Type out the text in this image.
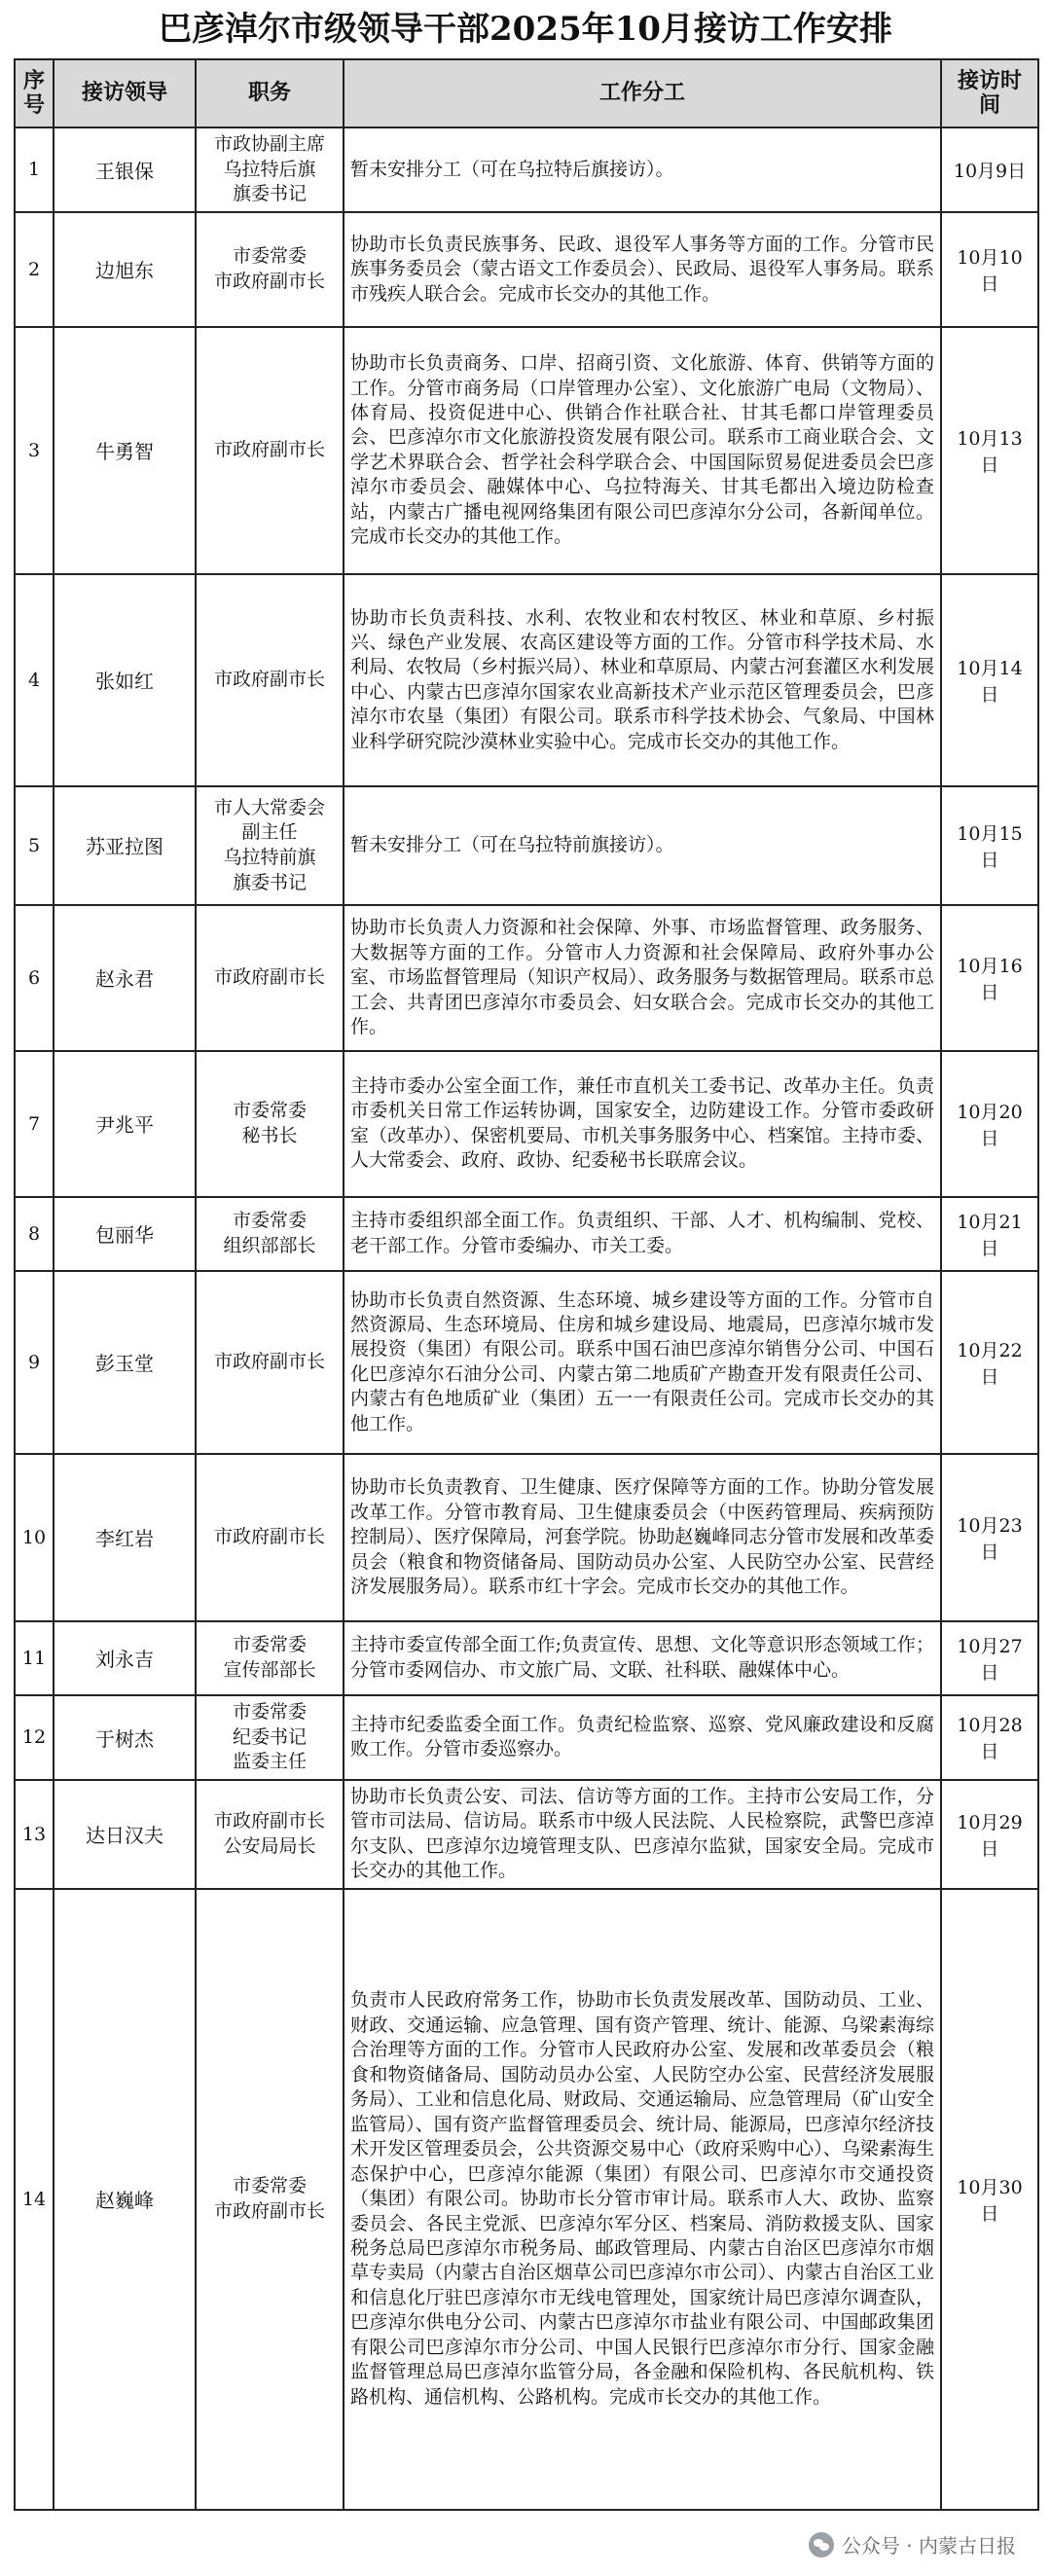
巴彦淖尔市级领导干部2025年10月接访工作安排
序号	接访领导	职务	工作分工	接访时间
1	王银保	市政协副主席
乌拉特后旗
旗委书记	暂未安排分工（可在乌拉特后旗接访）。	10月9日
2	边旭东	市委常委
市政府副市长	协助市长负责民族事务、民政、退役军人事务等方面的工作。分管市民族事务委员会（蒙古语文工作委员会）、民政局、退役军人事务局。联系市残疾人联合会。完成市长交办的其他工作。	10月10日
3	牛勇智	市政府副市长	协助市长负责商务、口岸、招商引资、文化旅游、体育、供销等方面的工作。分管市商务局（口岸管理办公室）、文化旅游广电局（文物局）、体育局、投资促进中心、供销合作社联合社、甘其毛都口岸管理委员会、巴彦淖尔市文化旅游投资发展有限公司。联系市工商业联合会、文学艺术界联合会、哲学社会科学联合会、中国国际贸易促进委员会巴彦淖尔市委员会、融媒体中心、乌拉特海关、甘其毛都出入境边防检查站，内蒙古广播电视网络集团有限公司巴彦淖尔分公司，各新闻单位。完成市长交办的其他工作。	10月13日
4	张如红	市政府副市长	协助市长负责科技、水利、农牧业和农村牧区、林业和草原、乡村振兴、绿色产业发展、农高区建设等方面的工作。分管市科学技术局、水利局、农牧局（乡村振兴局）、林业和草原局、内蒙古河套灌区水利发展中心、内蒙古巴彦淖尔国家农业高新技术产业示范区管理委员会，巴彦淖尔市农垦（集团）有限公司。联系市科学技术协会、气象局、中国林业科学研究院沙漠林业实验中心。完成市长交办的其他工作。	10月14日
5	苏亚拉图	市人大常委会
副主任
乌拉特前旗
旗委书记	暂未安排分工（可在乌拉特前旗接访）。	10月15日
6	赵永君	市政府副市长	协助市长负责人力资源和社会保障、外事、市场监督管理、政务服务、大数据等方面的工作。分管市人力资源和社会保障局、政府外事办公室、市场监督管理局（知识产权局）、政务服务与数据管理局。联系市总工会、共青团巴彦淖尔市委员会、妇女联合会。完成市长交办的其他工作。	10月16日
7	尹兆平	市委常委
秘书长	主持市委办公室全面工作，兼任市直机关工委书记、改革办主任。负责市委机关日常工作运转协调，国家安全，边防建设工作。分管市委政研室（改革办）、保密机要局、市机关事务服务中心、档案馆。主持市委、人大常委会、政府、政协、纪委秘书长联席会议。	10月20日
8	包丽华	市委常委
组织部部长	主持市委组织部全面工作。负责组织、干部、人才、机构编制、党校、老干部工作。分管市委编办、市关工委。	10月21日
9	彭玉堂	市政府副市长	协助市长负责自然资源、生态环境、城乡建设等方面的工作。分管市自然资源局、生态环境局、住房和城乡建设局、地震局，巴彦淖尔城市发展投资（集团）有限公司。联系中国石油巴彦淖尔销售分公司、中国石化巴彦淖尔石油分公司、内蒙古第二地质矿产勘查开发有限责任公司、内蒙古有色地质矿业（集团）五一一有限责任公司。完成市长交办的其他工作。	10月22日
10	李红岩	市政府副市长	协助市长负责教育、卫生健康、医疗保障等方面的工作。协助分管发展改革工作。分管市教育局、卫生健康委员会（中医药管理局、疾病预防控制局）、医疗保障局，河套学院。协助赵巍峰同志分管市发展和改革委员会（粮食和物资储备局、国防动员办公室、人民防空办公室、民营经济发展服务局）。联系市红十字会。完成市长交办的其他工作。	10月23日
11	刘永吉	市委常委
宣传部部长	主持市委宣传部全面工作;负责宣传、思想、文化等意识形态领域工作；分管市委网信办、市文旅广局、文联、社科联、融媒体中心。	10月27日
12	于树杰	市委常委
纪委书记
监委主任	主持市纪委监委全面工作。负责纪检监察、巡察、党风廉政建设和反腐败工作。分管市委巡察办。	10月28日
13	达日汉夫	市政府副市长
公安局局长	协助市长负责公安、司法、信访等方面的工作。主持市公安局工作，分管市司法局、信访局。联系市中级人民法院、人民检察院，武警巴彦淖尔支队、巴彦淖尔边境管理支队、巴彦淖尔监狱，国家安全局。完成市长交办的其他工作。	10月29日
14	赵巍峰	市委常委
市政府副市长	负责市人民政府常务工作，协助市长负责发展改革、国防动员、工业、财政、交通运输、应急管理、国有资产管理、统计、能源、乌梁素海综合治理等方面的工作。分管市人民政府办公室、发展和改革委员会（粮食和物资储备局、国防动员办公室、人民防空办公室、民营经济发展服务局）、工业和信息化局、财政局、交通运输局、应急管理局（矿山安全监管局）、国有资产监督管理委员会、统计局、能源局，巴彦淖尔经济技术开发区管理委员会，公共资源交易中心（政府采购中心）、乌梁素海生态保护中心，巴彦淖尔能源（集团）有限公司、巴彦淖尔市交通投资（集团）有限公司。协助市长分管市审计局。联系市人大、政协、监察委员会、各民主党派、巴彦淖尔军分区、档案局、消防救援支队、国家税务总局巴彦淖尔市税务局、邮政管理局、内蒙古自治区巴彦淖尔市烟草专卖局（内蒙古自治区烟草公司巴彦淖尔市公司）、内蒙古自治区工业和信息化厅驻巴彦淖尔市无线电管理处，国家统计局巴彦淖尔调查队，巴彦淖尔供电分公司、内蒙古巴彦淖尔市盐业有限公司、中国邮政集团有限公司巴彦淖尔市分公司、中国人民银行巴彦淖尔市分行、国家金融监督管理总局巴彦淖尔监管分局，各金融和保险机构、各民航机构、铁路机构、通信机构、公路机构。完成市长交办的其他工作。	10月30日
公众号 · 内蒙古日报
